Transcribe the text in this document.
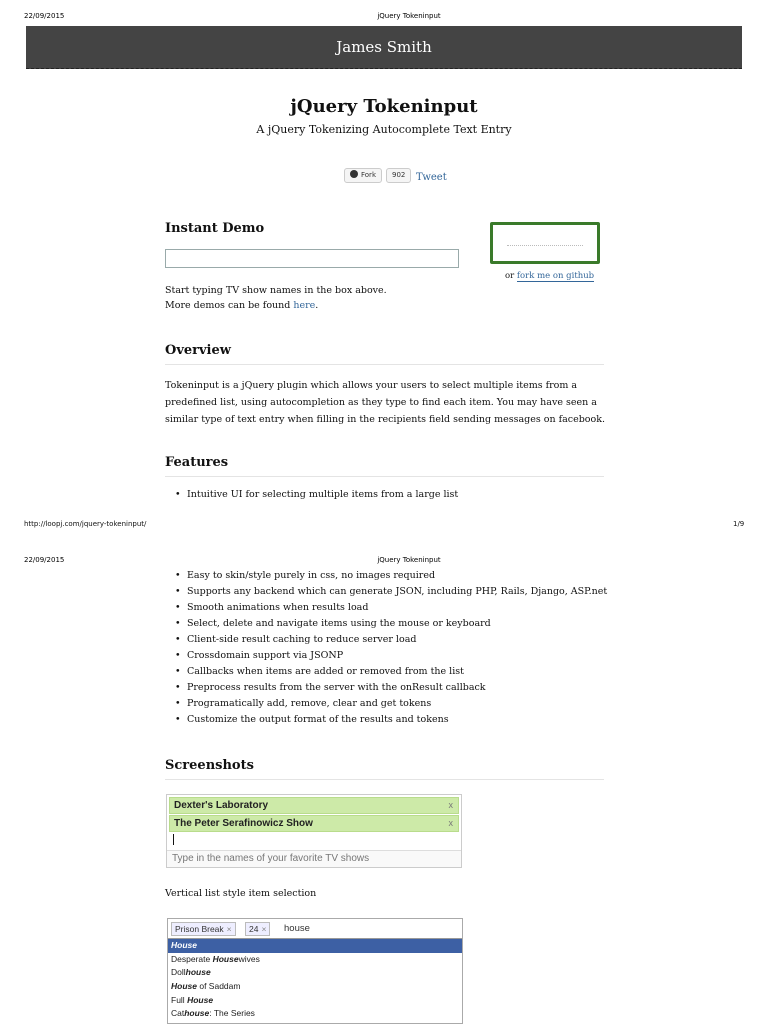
22/09/2015	jQuery Tokeninput
James Smith
jQuery Tokeninput
A jQuery Tokenizing Autocomplete Text Entry
Fork	902	Tweet
Instant Demo
or fork me on github
Start typing TV show names in the box above.
More demos can be found here.
Overview
Tokeninput is a jQuery plugin which allows your users to select multiple items from a predefined list, using autocompletion as they type to find each item. You may have seen a similar type of text entry when filling in the recipients field sending messages on facebook.
Features
• Intuitive UI for selecting multiple items from a large list
http://loopj.com/jquery-tokeninput/	1/9
22/09/2015	jQuery Tokeninput
• Easy to skin/style purely in css, no images required
• Supports any backend which can generate JSON, including PHP, Rails, Django, ASP.net
• Smooth animations when results load
• Select, delete and navigate items using the mouse or keyboard
• Client-side result caching to reduce server load
• Crossdomain support via JSONP
• Callbacks when items are added or removed from the list
• Preprocess results from the server with the onResult callback
• Programatically add, remove, clear and get tokens
• Customize the output format of the results and tokens
Screenshots
Dexter's Laboratory	x
The Peter Serafinowicz Show	x
Type in the names of your favorite TV shows
Vertical list style item selection
Prison Break ×	24 ×	house
House
Desperate Housewives
Dollhouse
House of Saddam
Full House
Cathouse: The Series
